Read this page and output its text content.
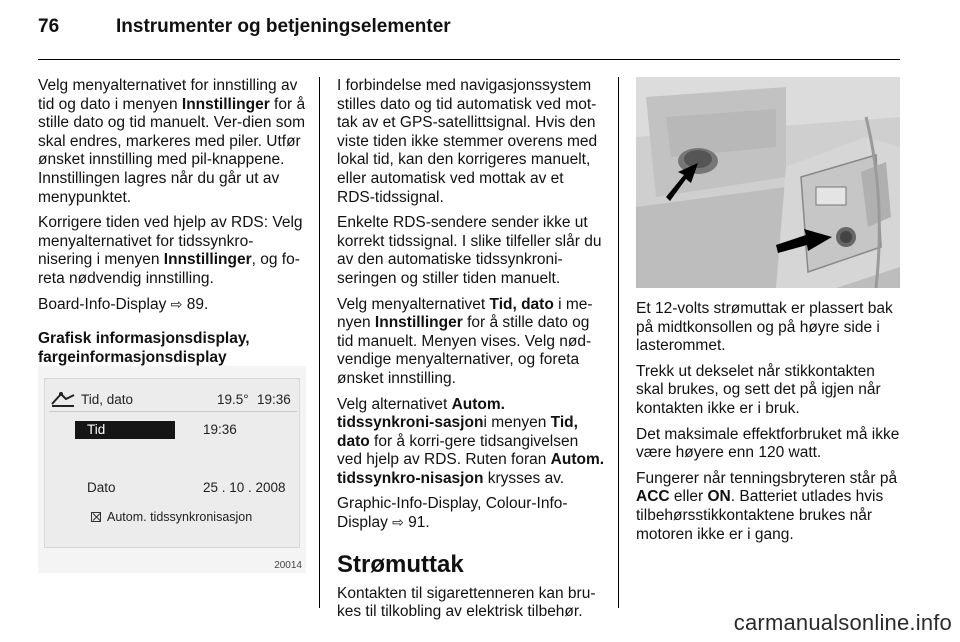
76	Instrumenter og betjeningselementer

Velg menyalternativet for innstilling av tid og dato i menyen Innstillinger for å stille dato og tid manuelt. Ver-dien som skal endres, markeres med piler. Utfør ønsket innstilling med pil-knappene. Innstillingen lagres når du går ut av menypunktet.

Korrigere tiden ved hjelp av RDS: Velg menyalternativet for tidssynkro-nisering i menyen Innstillinger, og fo-reta nødvendig innstilling.

Board-Info-Display ⇨ 89.

Grafisk informasjonsdisplay, fargeinformasjonsdisplay

Tid, dato	19.5° 19:36
Tid	19:36
Dato	25 . 10 . 2008
Autom. tidssynkronisasjon
20014

I forbindelse med navigasjonssystem stilles dato og tid automatisk ved mot-tak av et GPS-satellittsignal. Hvis den viste tiden ikke stemmer overens med lokal tid, kan den korrigeres manuelt, eller automatisk ved mottak av et RDS-tidssignal.

Enkelte RDS-sendere sender ikke ut korrekt tidssignal. I slike tilfeller slår du av den automatiske tidssynkroni-seringen og stiller tiden manuelt.

Velg menyalternativet Tid, dato i me-nyen Innstillinger for å stille dato og tid manuelt. Menyen vises. Velg nød-vendige menyalternativer, og foreta ønsket innstilling.

Velg alternativet Autom. tidssynkroni-sasjoni menyen Tid, dato for å korri-gere tidsangivelsen ved hjelp av RDS. Ruten foran Autom. tidssynkro-nisasjon krysses av.

Graphic-Info-Display, Colour-Info-Display ⇨ 91.

Strømuttak

Kontakten til sigarettenneren kan bru-kes til tilkobling av elektrisk tilbehør.

Et 12-volts strømuttak er plassert bak på midtkonsollen og på høyre side i lasterommet.

Trekk ut dekselet når stikkontakten skal brukes, og sett det på igjen når kontakten ikke er i bruk.

Det maksimale effektforbruket må ikke være høyere enn 120 watt.

Fungerer når tenningsbryteren står på ACC eller ON. Batteriet utlades hvis tilbehørsstikkontaktene brukes når motoren ikke er i gang.

carmanualsonline.info
